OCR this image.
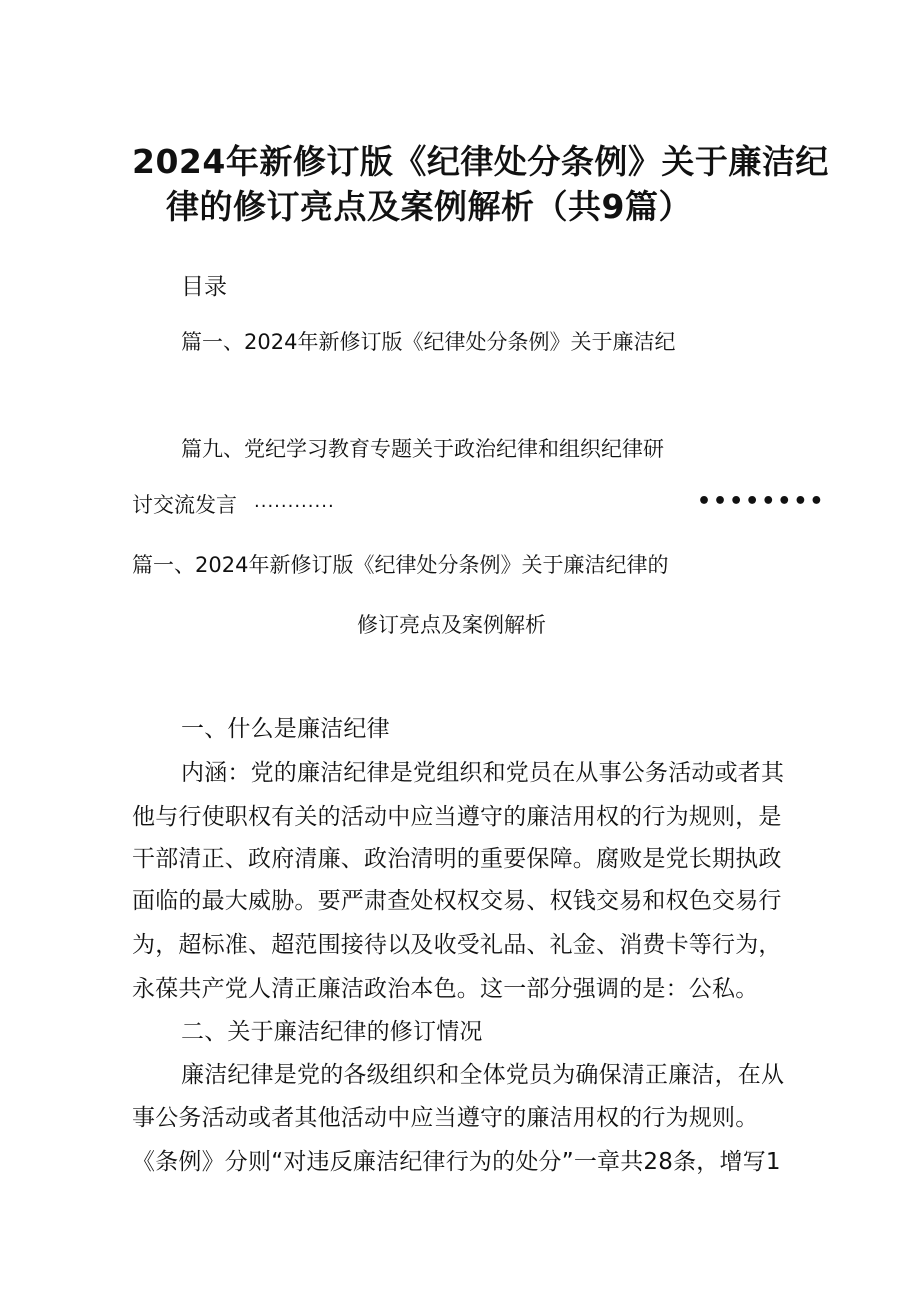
2024年新修订版《纪律处分条例》关于廉洁纪
律的修订亮点及案例解析（共9篇）
目录
篇一、2024年新修订版《纪律处分条例》关于廉洁纪
篇九、党纪学习教育专题关于政治纪律和组织纪律研
讨交流发言 ............	••••••••
篇一、2024年新修订版《纪律处分条例》关于廉洁纪律的
修订亮点及案例解析
一、什么是廉洁纪律
内涵：党的廉洁纪律是党组织和党员在从事公务活动或者其
他与行使职权有关的活动中应当遵守的廉洁用权的行为规则，是
干部清正、政府清廉、政治清明的重要保障。腐败是党长期执政
面临的最大威胁。要严肃查处权权交易、权钱交易和权色交易行
为，超标准、超范围接待以及收受礼品、礼金、消费卡等行为，
永葆共产党人清正廉洁政治本色。这一部分强调的是：公私。
二、关于廉洁纪律的修订情况
廉洁纪律是党的各级组织和全体党员为确保清正廉洁，在从
事公务活动或者其他活动中应当遵守的廉洁用权的行为规则。
《条例》分则“对违反廉洁纪律行为的处分”一章共28条，增写1
